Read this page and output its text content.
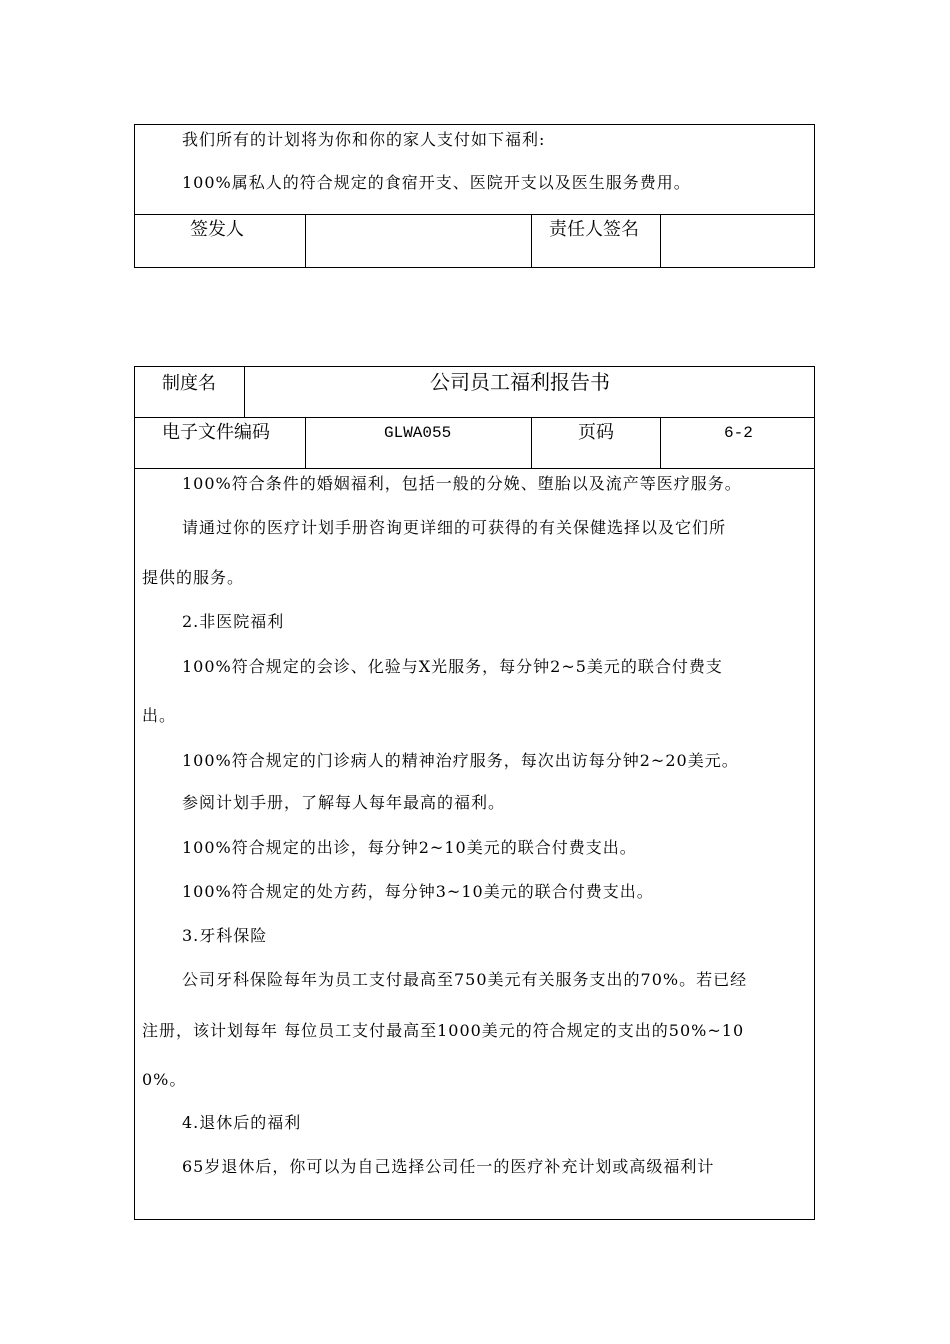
我们所有的计划将为你和你的家人支付如下福利:
100%属私人的符合规定的食宿开支、医院开支以及医生服务费用。
签发人	责任人签名
制度名	公司员工福利报告书
电子文件编码	GLWA055	页码	6-2
100%符合条件的婚姻福利，包括一般的分娩、堕胎以及流产等医疗服务。
请通过你的医疗计划手册咨询更详细的可获得的有关保健选择以及它们所
提供的服务。
2.非医院福利
100%符合规定的会诊、化验与X光服务，每分钟2~5美元的联合付费支
出。
100%符合规定的门诊病人的精神治疗服务，每次出访每分钟2~20美元。
参阅计划手册，了解每人每年最高的福利。
100%符合规定的出诊，每分钟2~10美元的联合付费支出。
100%符合规定的处方药，每分钟3~10美元的联合付费支出。
3.牙科保险
公司牙科保险每年为员工支付最高至750美元有关服务支出的70%。若已经
注册，该计划每年 每位员工支付最高至1000美元的符合规定的支出的50%~10
0%。
4.退休后的福利
65岁退休后，你可以为自己选择公司任一的医疗补充计划或高级福利计
